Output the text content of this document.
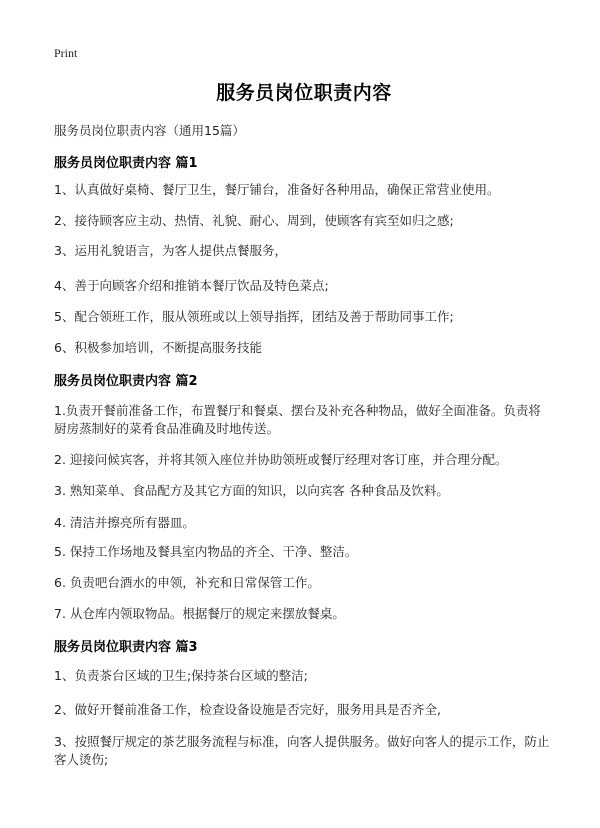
Print
服务员岗位职责内容
服务员岗位职责内容（通用15篇）
服务员岗位职责内容 篇1
1、认真做好桌椅、餐厅卫生，餐厅铺台，准备好各种用品，确保正常营业使用。
2、接待顾客应主动、热情、礼貌、耐心、周到，使顾客有宾至如归之感;
3、运用礼貌语言，为客人提供点餐服务，
4、善于向顾客介绍和推销本餐厅饮品及特色菜点;
5、配合领班工作，服从领班或以上领导指挥，团结及善于帮助同事工作;
6、积极参加培训，不断提高服务技能
服务员岗位职责内容 篇2
1.负责开餐前准备工作，布置餐厅和餐桌、摆台及补充各种物品，做好全面准备。负责将厨房蒸制好的菜肴食品准确及时地传送。
2. 迎接问候宾客，并将其领入座位并协助领班或餐厅经理对客订座，并合理分配。
3. 熟知菜单、食品配方及其它方面的知识，以向宾客 各种食品及饮料。
4. 清洁并擦亮所有器皿。
5. 保持工作场地及餐具室内物品的齐全、干净、整洁。
6. 负责吧台酒水的申领，补充和日常保管工作。
7. 从仓库内领取物品。根据餐厅的规定来摆放餐桌。
服务员岗位职责内容 篇3
1、负责茶台区域的卫生;保持茶台区域的整洁;
2、做好开餐前准备工作，检查设备设施是否完好，服务用具是否齐全,
3、按照餐厅规定的茶艺服务流程与标准，向客人提供服务。做好向客人的提示工作，防止客人烫伤;
